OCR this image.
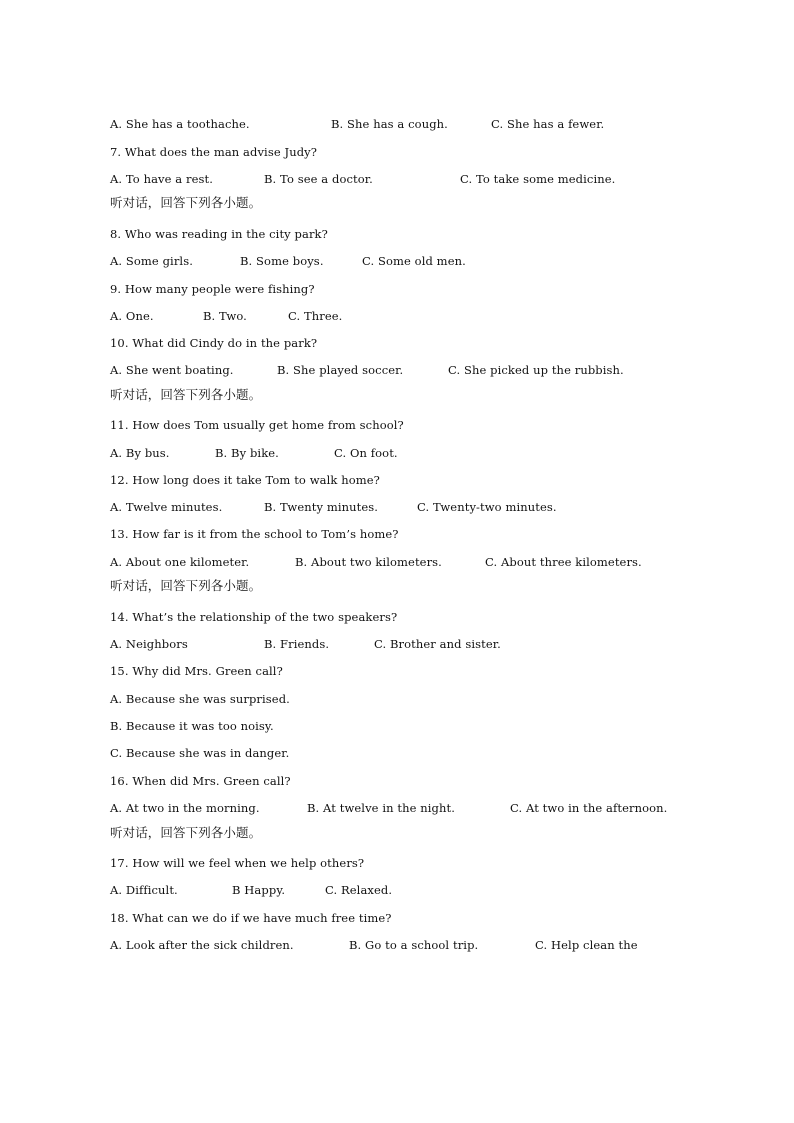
A. She has a toothache.

	B. She has a cough.

	C. She has a fewer.

7. What does the man advise Judy?

A. To have a rest.

	B. To see a doctor.

	C. To take some medicine.

听对话，回答下列各小题。
8. Who was reading in the city park?

A. Some girls.

	B. Some boys.

	C. Some old men.

9. How many people were fishing?

A. One.

	B. Two.

	C. Three.

10. What did Cindy do in the park?

A. She went boating.

	B. She played soccer.

	C. She picked up the rubbish.

听对话，回答下列各小题。
11. How does Tom usually get home from school?

A. By bus.

	B. By bike.

	C. On foot.

12. How long does it take Tom to walk home?

A. Twelve minutes.

	B. Twenty minutes.

	C. Twenty-two minutes.

13. How far is it from the school to Tom’s home?

A. About one kilometer.

	B. About two kilometers.

	C. About three kilometers.

听对话，回答下列各小题。
14. What’s the relationship of the two speakers?

A. Neighbors

	B. Friends.

	C. Brother and sister.

15. Why did Mrs. Green call?
A. Because she was surprised.
B. Because it was too noisy.
C. Because she was in danger.
16. When did Mrs. Green call?

A. At two in the morning.

	B. At twelve in the night.

	C. At two in the afternoon.

听对话，回答下列各小题。
17. How will we feel when we help others?

A. Difficult.

	B Happy.

	C. Relaxed.

18. What can we do if we have much free time?

A. Look after the sick children.

	B. Go to a school trip.

	C. Help clean the
